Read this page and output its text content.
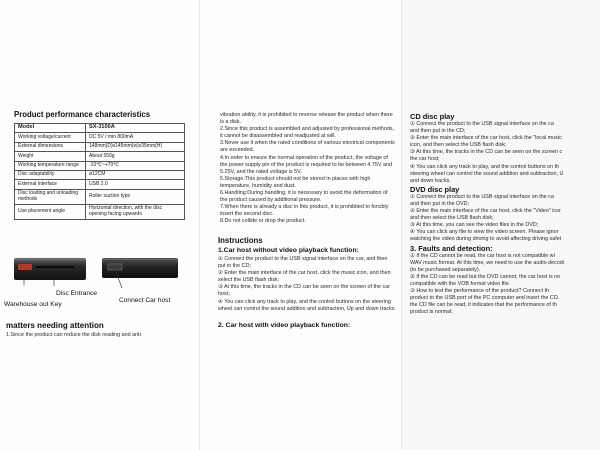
Product performance characteristics
Model	SX-3100A
Working voltage/current	DC 5V / min 800mA
External dimensions	148mm(D)x145mm(w)x35mm(H)
Weight	About 550g
Working temperature range	-10℃~+70℃
Disc adaptability	ø12CM
External interface	USB 2.0
Disc loading and unloading methods	Roller suction type
Use placement angle	Horizontal direction, with the disc opening facing upwards
Disc Entrance
Connect Car host
Warehouse out Key
matters needing attention
1.Since the product can reduce the disk reading and anti
vibration ability, it is prohibited to reverse release the product when there is a disk.
2.Since this product is assembled and adjusted by professional methods, it cannot be disassembled and readjusted at will.
3.Never use it when the rated conditions of various electrical components are exceeded.
4.In order to ensure the normal operation of the product, the voltage of the power supply pin of the product is required to be between 4.75V and 5.25V, and the rated voltage is 5V.
5.Storage:This product should not be stored in places with high temperature, humidity and dust.
6.Handling:During handling, it is necessary to avoid the deformation of the product caused by additional pressure.
7.When there is already a disc in this product, it is prohibited to forcibly insert the second disc.
8.Do not collide or drop the product.
Instructions
1.Car host without video playback function:
① Connect the product to the USB signal interface on the car, and then put in the CD;
② Enter the main interface of the car host, click the music icon, and then select the USB flash disk;
③ At this time, the tracks in the CD can be seen on the screen of the car host;
④ You can click any track to play, and the control buttons on the steering wheel can control the sound addition and subtraction, Up and down tracks.
2. Car host with video playback function:
CD disc play
① Connect the product to the USB signal interface on the ca
and then put in the CD;
② Enter the main interface of the car host, click the "local music
icon, and then select the USB flash disk;
③ At this time, the tracks in the CD can be seen on the screen c
the car host;
④ You can click any track to play, and the control buttons on th
steering wheel can control the sound addition and subtraction, U
and down tracks.
DVD disc play
① Connect the product to the USB signal interface on the ca
and then put in the DVD;
② Enter the main interface of the car host, click the "Video" icor
and then select the USB flash disk;
③ At this time, you can see the video files in the DVD;
④ You can click any file to view the video screen. Please ignor
watching the video during driving to avoid affecting driving safet
3. Faults and detection:
① If the CD cannot be read, the car host is not compatible wi
WAV music format. At this time, we need to use the audio decodi
(to be purchased separately).
② If the CD can be read but the DVD cannot, the car host is no
compatible with the VOB format video file.
③ How to test the performance of the product? Connect th
product to the USB port of the PC computer and insert the CD.
the CD file can be read, it indicates that the performance of th
product is normal;
